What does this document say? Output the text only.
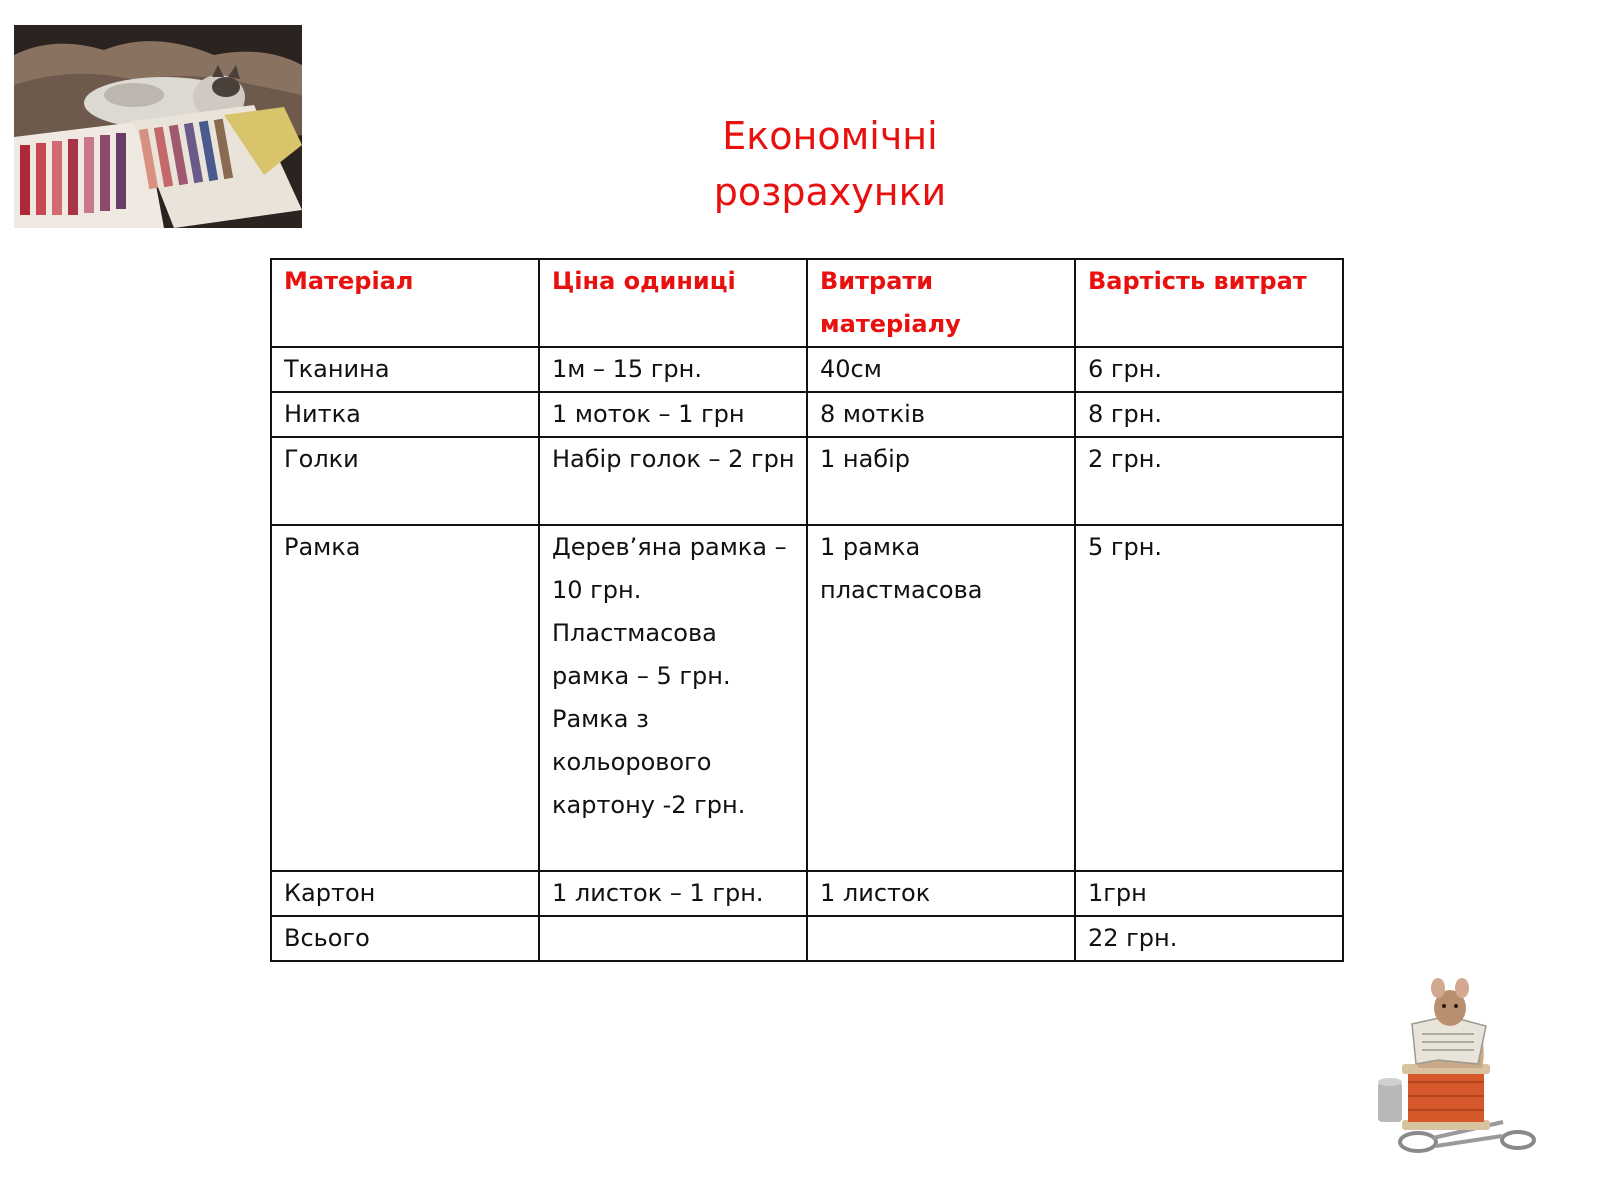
Економічні
розрахунки
Матеріал	Ціна одиниці	Витрати матеріалу	Вартість витрат
Тканина	1м – 15 грн.	40см	6 грн.
Нитка	1 моток – 1 грн	8 мотків	8 грн.
Голки	Набір голок – 2 грн	1 набір	2 грн.
Рамка	Дерев’яна рамка –10 грн. Пластмасова рамка – 5 грн. Рамка з кольорового картону -2 грн.	1 рамка пластмасова	5 грн.
Картон	1 листок – 1 грн.	1 листок	1грн
Всього			22 грн.
